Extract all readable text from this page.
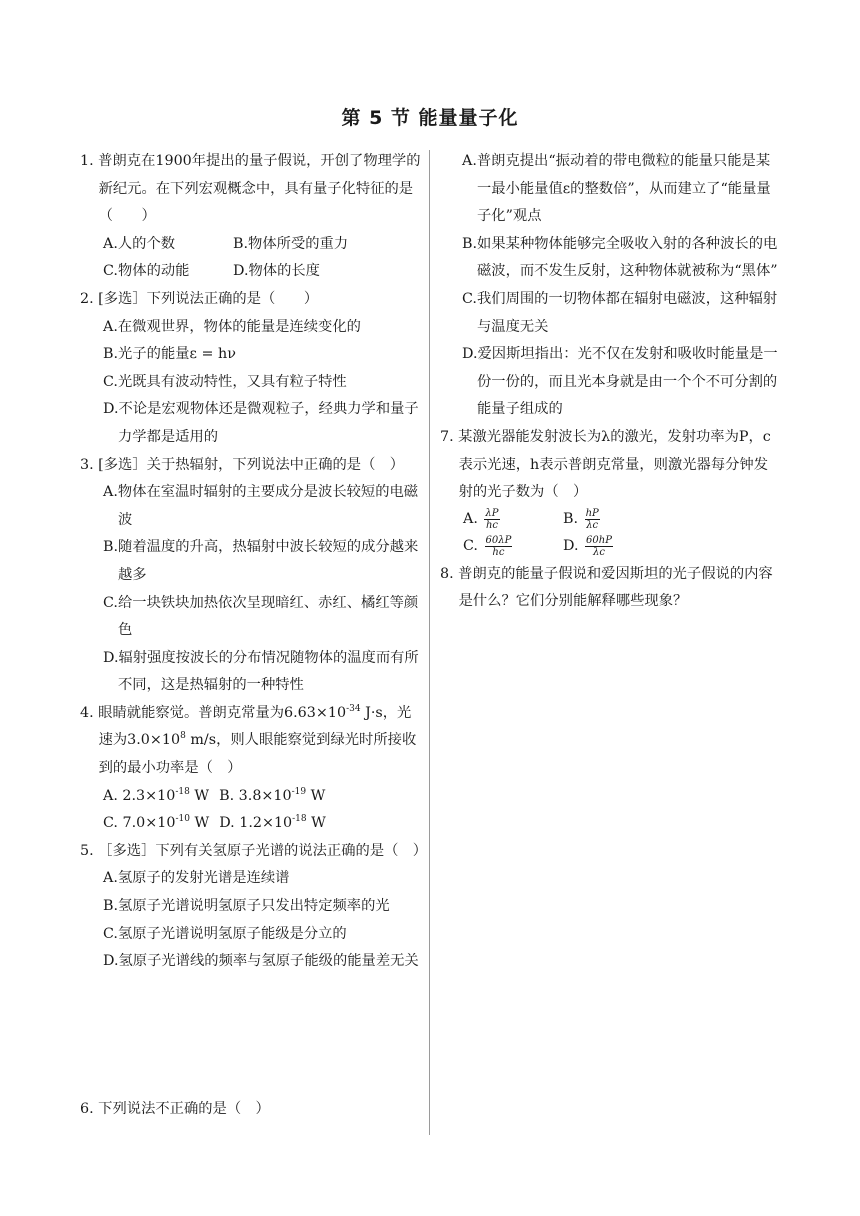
第 5 节 能量量子化

1. 普朗克在1900年提出的量子假说，开创了物理学的新纪元。在下列宏观概念中，具有量子化特征的是（　　）

A.人的个数	B.物体所受的重力
C.物体的动能	D.物体的长度

2. [多选］下列说法正确的是（　　）

A.在微观世界，物体的能量是连续变化的

B.光子的能量ε = hν

C.光既具有波动特性，又具有粒子特性

D.不论是宏观物体还是微观粒子，经典力学和量子力学都是适用的

3. [多选］关于热辐射，下列说法中正确的是（　）

A.物体在室温时辐射的主要成分是波长较短的电磁波

B.随着温度的升高，热辐射中波长较短的成分越来越多

C.给一块铁块加热依次呈现暗红、赤红、橘红等颜色

D.辐射强度按波长的分布情况随物体的温度而有所不同，这是热辐射的一种特性

4. 眼睛就能察觉。普朗克常量为$6.63\times 10^{-34}$ J·s，光速为$3.0\times 10^8$ m/s，则人眼能察觉到绿光时所接收到的最小功率是（　）

A. $2.3\times 10^{-18}$ W B. $3.8\times 10^{-19}$ W
C. $7.0\times 10^{-10}$ W D. $1.2\times 10^{-18}$ W

5. ［多选］下列有关氢原子光谱的说法正确的是（　）

A.氢原子的发射光谱是连续谱

B.氢原子光谱说明氢原子只发出特定频率的光

C.氢原子光谱说明氢原子能级是分立的

D.氢原子光谱线的频率与氢原子能级的能量差无关

6. 下列说法不正确的是（　）

A.普朗克提出“振动着的带电微粒的能量只能是某一最小能量值ε的整数倍”，从而建立了“能量量子化”观点

B.如果某种物体能够完全吸收入射的各种波长的电磁波，而不发生反射，这种物体就被称为“黑体”

C.我们周围的一切物体都在辐射电磁波，这种辐射与温度无关

D.爱因斯坦指出：光不仅在发射和吸收时能量是一份一份的，而且光本身就是由一个个不可分割的能量子组成的

7. 某激光器能发射波长为λ的激光，发射功率为P，c表示光速，h表示普朗克常量，则激光器每分钟发射的光子数为（　）

A. $\frac{\lambda P}{hc}$	B. $\frac{hP}{\lambda c}$
C. $\frac{60\lambda P}{hc}$	D. $\frac{60hP}{\lambda c}$

8. 普朗克的能量子假说和爱因斯坦的光子假说的内容是什么？它们分别能解释哪些现象？
